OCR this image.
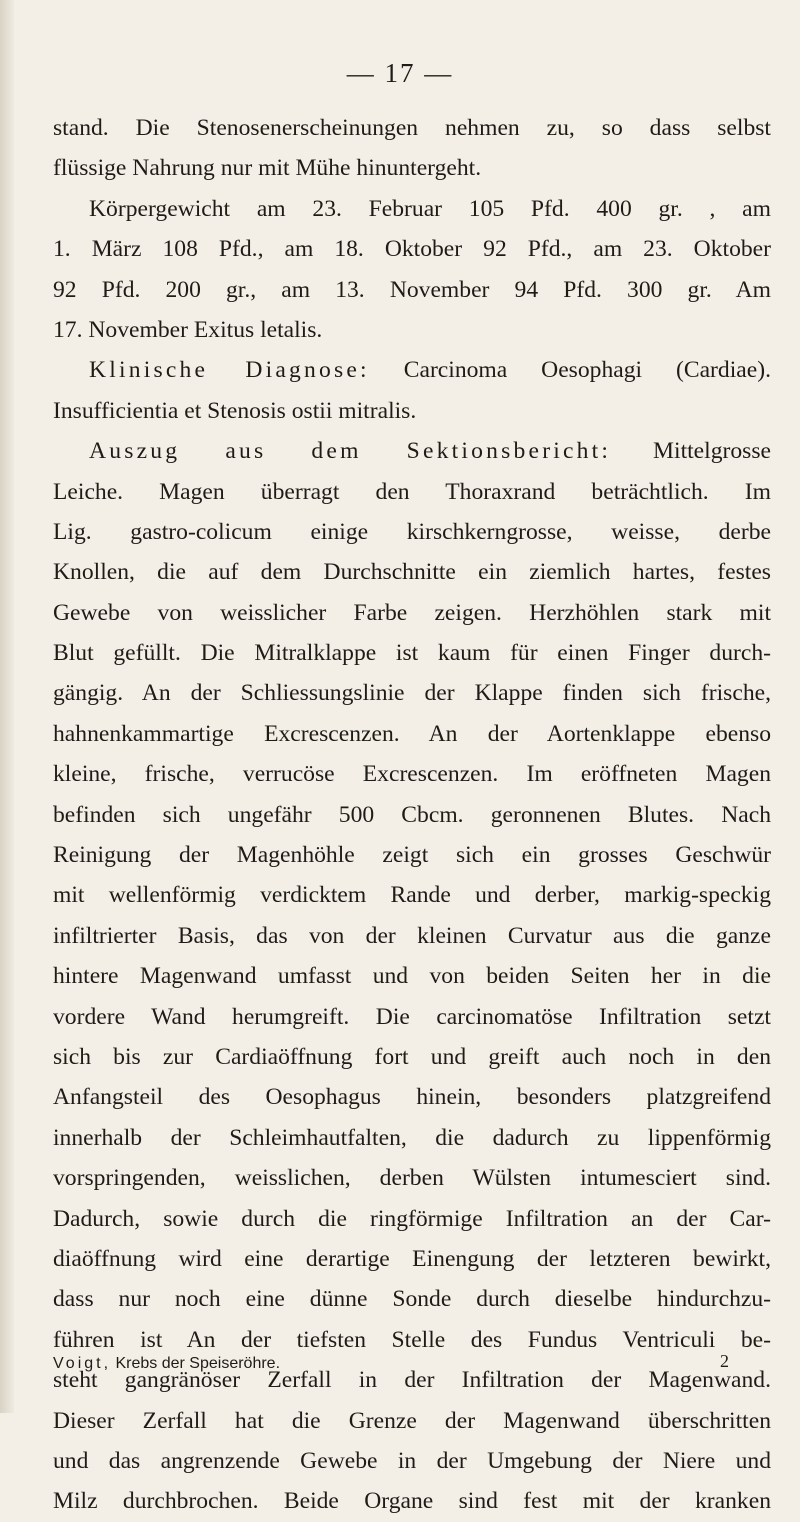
— 17 —
stand. Die Stenosenerscheinungen nehmen zu, so dass selbst
flüssige Nahrung nur mit Mühe hinuntergeht.
Körpergewicht am 23. Februar 105 Pfd. 400 gr. , am
1. März 108 Pfd., am 18. Oktober 92 Pfd., am 23. Oktober
92 Pfd. 200 gr., am 13. November 94 Pfd. 300 gr. Am
17. November Exitus letalis.
Klinische Diagnose: Carcinoma Oesophagi (Cardiae).
Insufficientia et Stenosis ostii mitralis.
Auszug aus dem Sektionsbericht: Mittelgrosse
Leiche. Magen überragt den Thoraxrand beträchtlich. Im
Lig. gastro-colicum einige kirschkerngrosse, weisse, derbe
Knollen, die auf dem Durchschnitte ein ziemlich hartes, festes
Gewebe von weisslicher Farbe zeigen. Herzhöhlen stark mit
Blut gefüllt. Die Mitralklappe ist kaum für einen Finger durch-
gängig. An der Schliessungslinie der Klappe finden sich frische,
hahnenkammartige Excrescenzen. An der Aortenklappe ebenso
kleine, frische, verrucöse Excrescenzen. Im eröffneten Magen
befinden sich ungefähr 500 Cbcm. geronnenen Blutes. Nach
Reinigung der Magenhöhle zeigt sich ein grosses Geschwür
mit wellenförmig verdicktem Rande und derber, markig-speckig
infiltrierter Basis, das von der kleinen Curvatur aus die ganze
hintere Magenwand umfasst und von beiden Seiten her in die
vordere Wand herumgreift. Die carcinomatöse Infiltration setzt
sich bis zur Cardiaöffnung fort und greift auch noch in den
Anfangsteil des Oesophagus hinein, besonders platzgreifend
innerhalb der Schleimhautfalten, die dadurch zu lippenförmig
vorspringenden, weisslichen, derben Wülsten intumesciert sind.
Dadurch, sowie durch die ringförmige Infiltration an der Car-
diaöffnung wird eine derartige Einengung der letzteren bewirkt,
dass nur noch eine dünne Sonde durch dieselbe hindurchzu-
führen ist An der tiefsten Stelle des Fundus Ventriculi be-
steht gangränöser Zerfall in der Infiltration der Magenwand.
Dieser Zerfall hat die Grenze der Magenwand überschritten
und das angrenzende Gewebe in der Umgebung der Niere und
Milz durchbrochen. Beide Organe sind fest mit der kranken
Voigt, Krebs der Speiseröhre.	2
